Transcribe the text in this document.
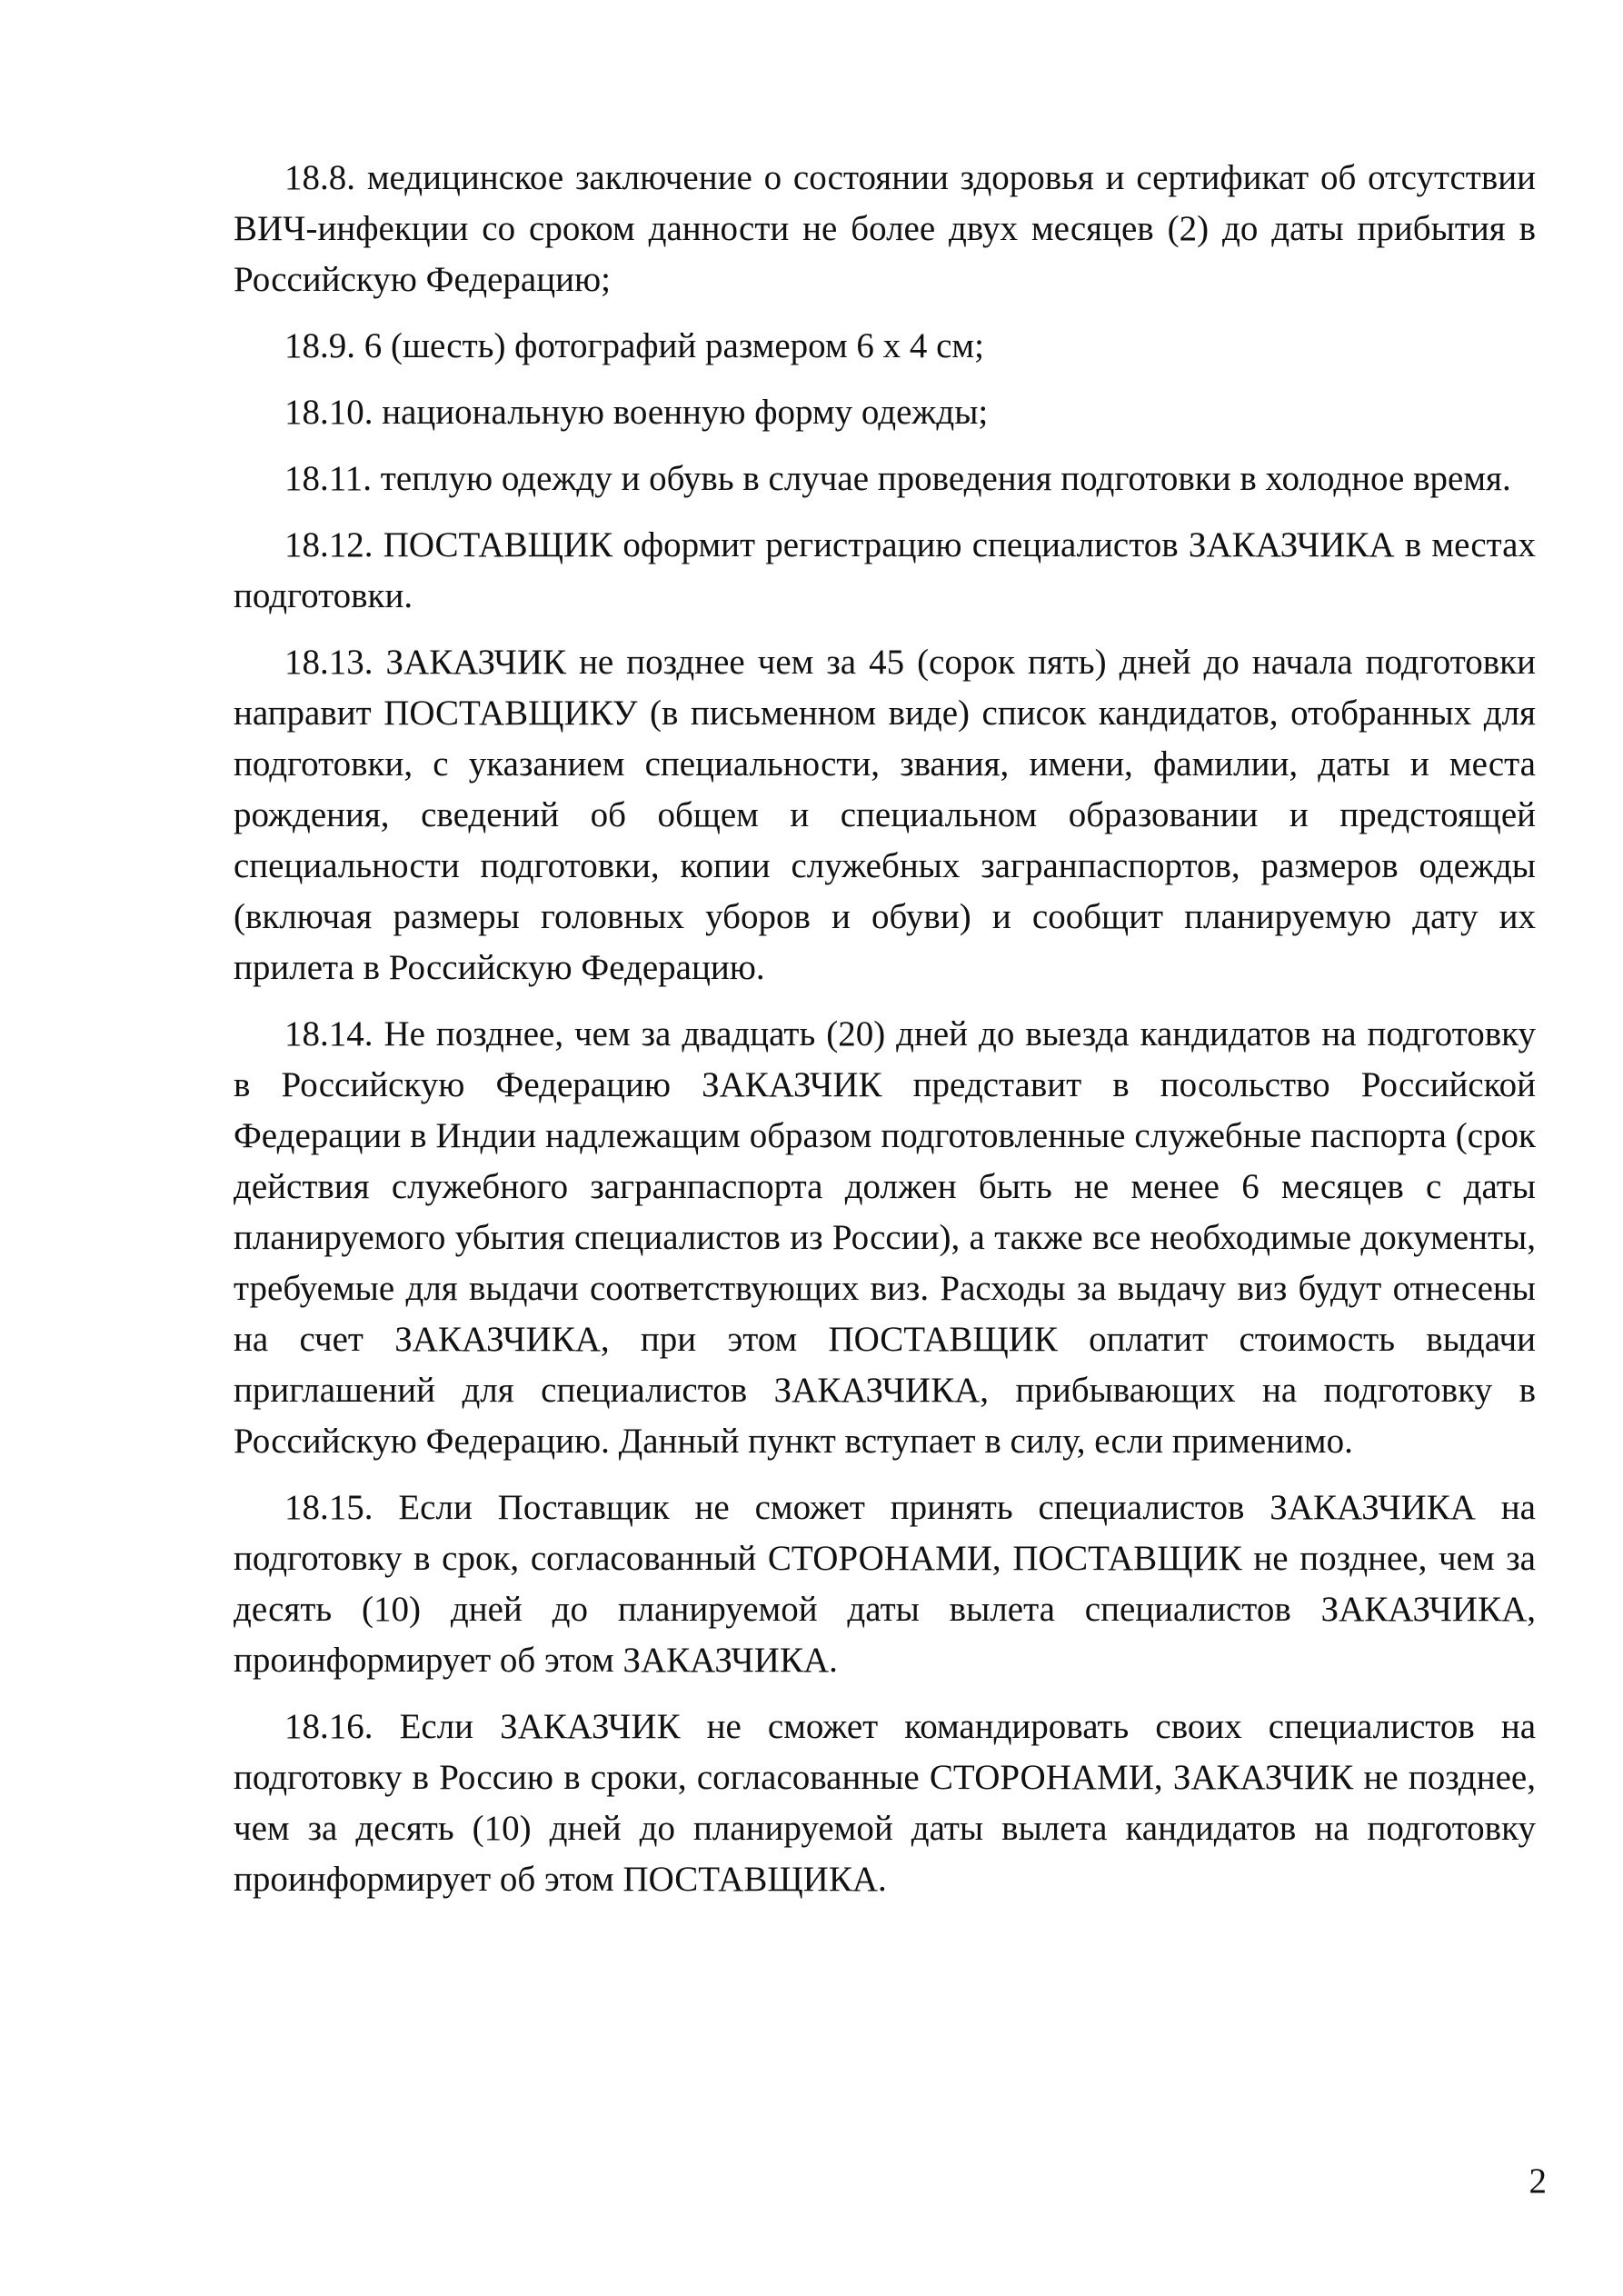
18.8. медицинское заключение о состоянии здоровья и сертификат об отсутствии ВИЧ-инфекции со сроком данности не более двух месяцев (2) до даты прибытия в Российскую Федерацию;

18.9. 6 (шесть) фотографий размером 6 x 4 см;

18.10. национальную военную форму одежды;

18.11. теплую одежду и обувь в случае проведения подготовки в холодное время.

18.12. ПОСТАВЩИК оформит регистрацию специалистов ЗАКАЗЧИКА в местах подготовки.

18.13. ЗАКАЗЧИК не позднее чем за 45 (сорок пять) дней до начала подготовки направит ПОСТАВЩИКУ (в письменном виде) список кандидатов, отобранных для подготовки, с указанием специальности, звания, имени, фамилии, даты и места рождения, сведений об общем и специальном образовании и предстоящей специальности подготовки, копии служебных загранпаспортов, размеров одежды (включая размеры головных уборов и обуви) и сообщит планируемую дату их прилета в Российскую Федерацию.

18.14. Не позднее, чем за двадцать (20) дней до выезда кандидатов на подготовку в Российскую Федерацию ЗАКАЗЧИК представит в посольство Российской Федерации в Индии надлежащим образом подготовленные служебные паспорта (срок действия служебного загранпаспорта должен быть не менее 6 месяцев с даты планируемого убытия специалистов из России), а также все необходимые документы, требуемые для выдачи соответствующих виз. Расходы за выдачу виз будут отнесены на счет ЗАКАЗЧИКА, при этом ПОСТАВЩИК оплатит стоимость выдачи приглашений для специалистов ЗАКАЗЧИКА, прибывающих на подготовку в Российскую Федерацию. Данный пункт вступает в силу, если применимо.

18.15. Если Поставщик не сможет принять специалистов ЗАКАЗЧИКА на подготовку в срок, согласованный СТОРОНАМИ, ПОСТАВЩИК не позднее, чем за десять (10) дней до планируемой даты вылета специалистов ЗАКАЗЧИКА, проинформирует об этом ЗАКАЗЧИКА.

18.16. Если ЗАКАЗЧИК не сможет командировать своих специалистов на подготовку в Россию в сроки, согласованные СТОРОНАМИ, ЗАКАЗЧИК не позднее, чем за десять (10) дней до планируемой даты вылета кандидатов на подготовку проинформирует об этом ПОСТАВЩИКА.

2
